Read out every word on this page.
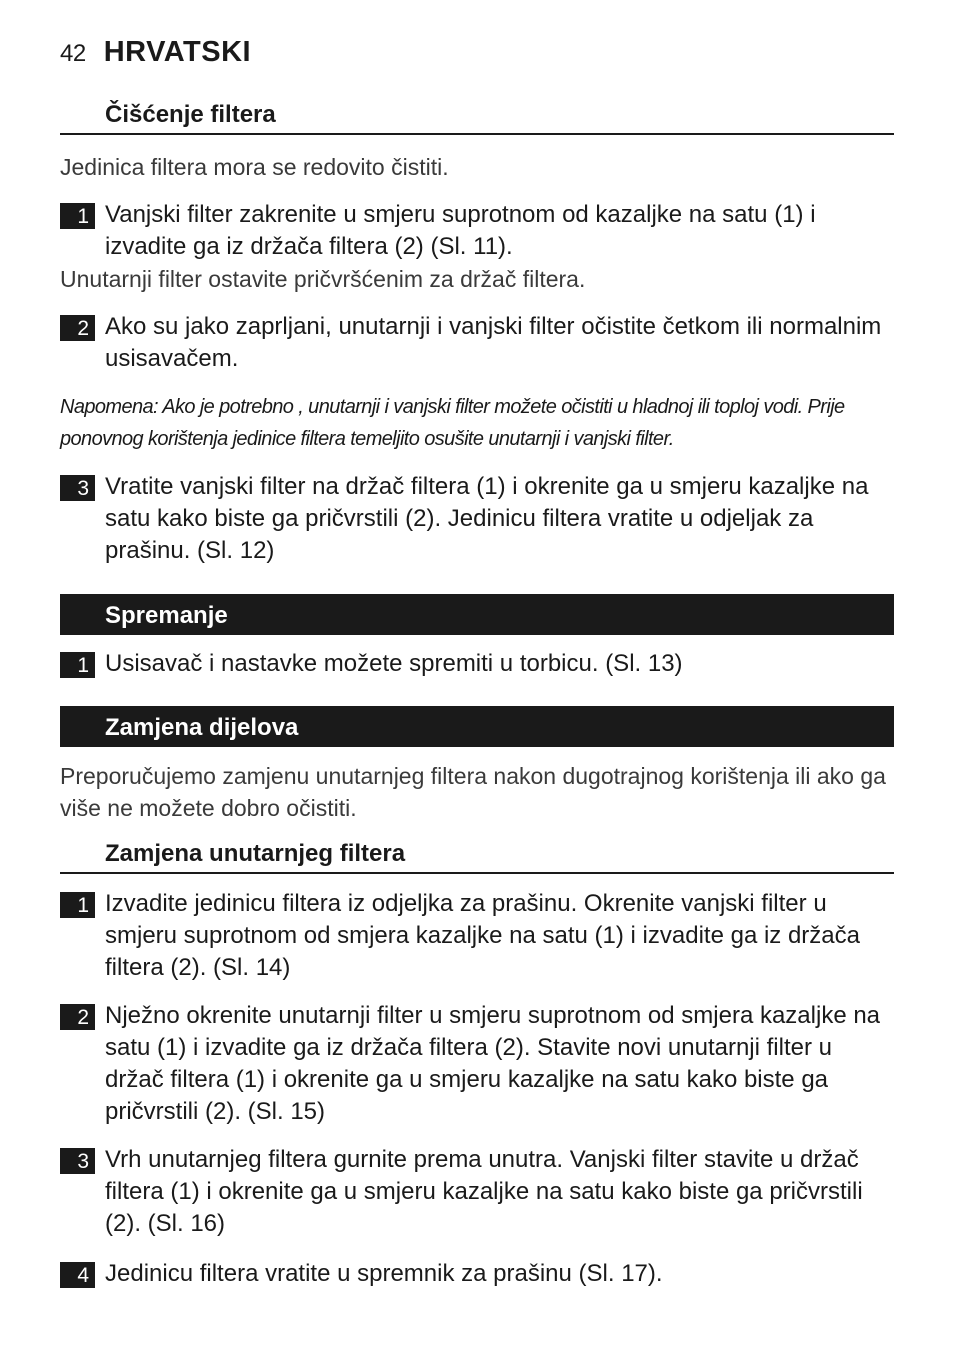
42 HRVATSKI
Čišćenje filtera
Jedinica filtera mora se redovito čistiti.
1 Vanjski filter zakrenite u smjeru suprotnom od kazaljke na satu (1) i izvadite ga iz držača filtera (2) (Sl. 11).
Unutarnji filter ostavite pričvršćenim za držač filtera.
2 Ako su jako zaprljani, unutarnji i vanjski filter očistite četkom ili normalnim usisavačem.
Napomena: Ako je potrebno , unutarnji i vanjski filter možete očistiti u hladnoj ili toploj vodi. Prije ponovnog korištenja jedinice filtera temeljito osušite unutarnji i vanjski filter.
3 Vratite vanjski filter na držač filtera (1) i okrenite ga u smjeru kazaljke na satu kako biste ga pričvrstili (2). Jedinicu filtera vratite u odjeljak za prašinu. (Sl. 12)
Spremanje
1 Usisavač i nastavke možete spremiti u torbicu. (Sl. 13)
Zamjena dijelova
Preporučujemo zamjenu unutarnjeg filtera nakon dugotrajnog korištenja ili ako ga više ne možete dobro očistiti.
Zamjena unutarnjeg filtera
1 Izvadite jedinicu filtera iz odjeljka za prašinu. Okrenite vanjski filter u smjeru suprotnom od smjera kazaljke na satu (1) i izvadite ga iz držača filtera (2). (Sl. 14)
2 Nježno okrenite unutarnji filter u smjeru suprotnom od smjera kazaljke na satu (1) i izvadite ga iz držača filtera (2). Stavite novi unutarnji filter u držač filtera (1) i okrenite ga u smjeru kazaljke na satu kako biste ga pričvrstili (2). (Sl. 15)
3 Vrh unutarnjeg filtera gurnite prema unutra. Vanjski filter stavite u držač filtera (1) i okrenite ga u smjeru kazaljke na satu kako biste ga pričvrstili (2). (Sl. 16)
4 Jedinicu filtera vratite u spremnik za prašinu (Sl. 17).
